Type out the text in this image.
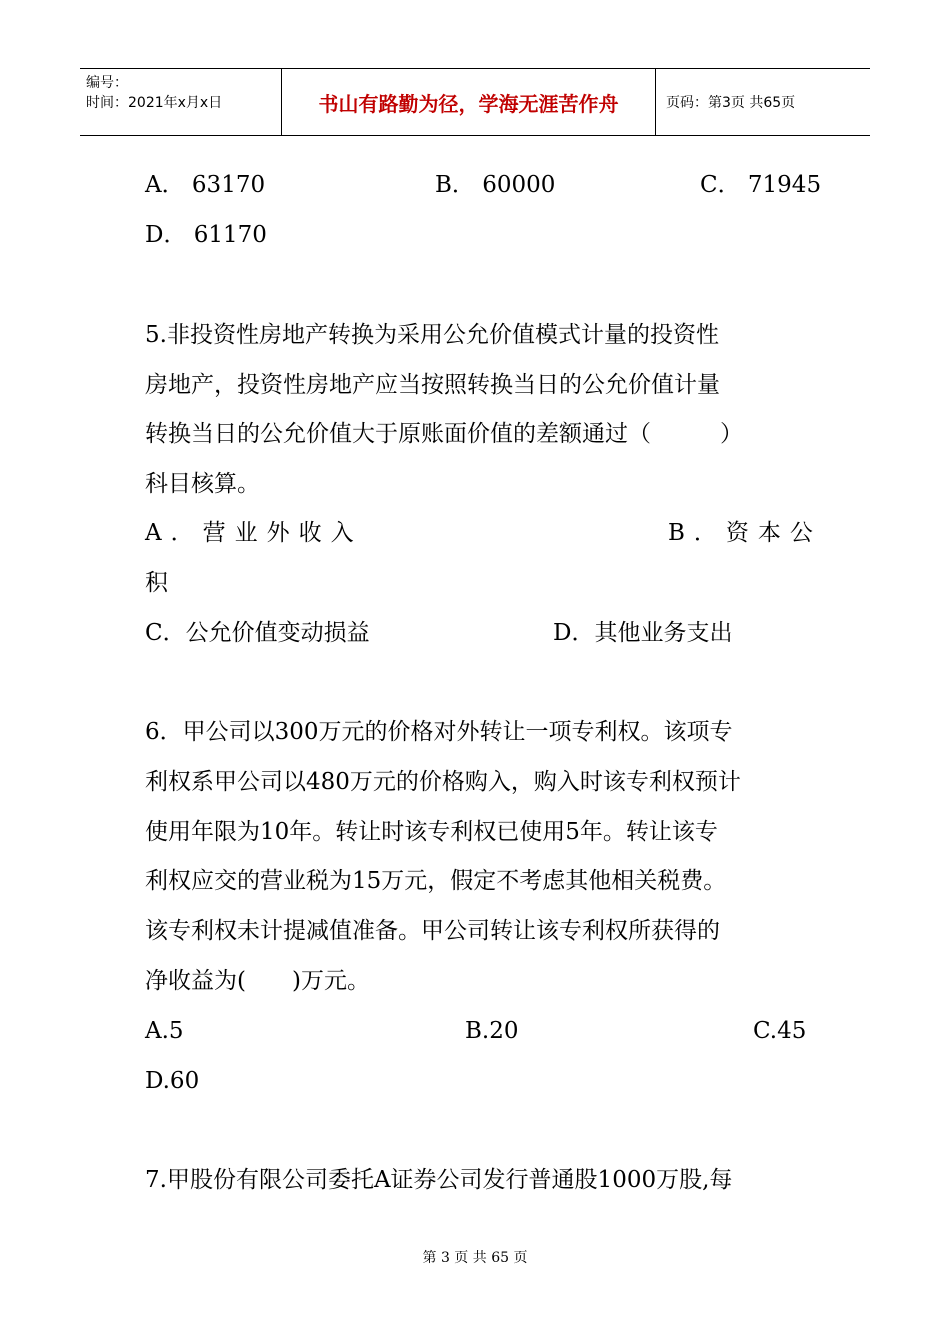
编号：
时间：2021年x月x日	书山有路勤为径，学海无涯苦作舟	页码：第3页 共65页
A． 63170	B． 60000	C． 71945
D． 61170
5.非投资性房地产转换为采用公允价值模式计量的投资性
房地产，投资性房地产应当按照转换当日的公允价值计量
转换当日的公允价值大于原账面价值的差额通过（　　　）
科目核算。
A．营业外收入	B．资本公
积
C．公允价值变动损益	D．其他业务支出
6．甲公司以300万元的价格对外转让一项专利权。该项专
利权系甲公司以480万元的价格购入，购入时该专利权预计
使用年限为10年。转让时该专利权已使用5年。转让该专
利权应交的营业税为15万元，假定不考虑其他相关税费。
该专利权未计提减值准备。甲公司转让该专利权所获得的
净收益为(　　)万元。
A.5	B.20	C.45
D.60
7.甲股份有限公司委托A证券公司发行普通股1000万股,每
第 3 页 共 65 页
